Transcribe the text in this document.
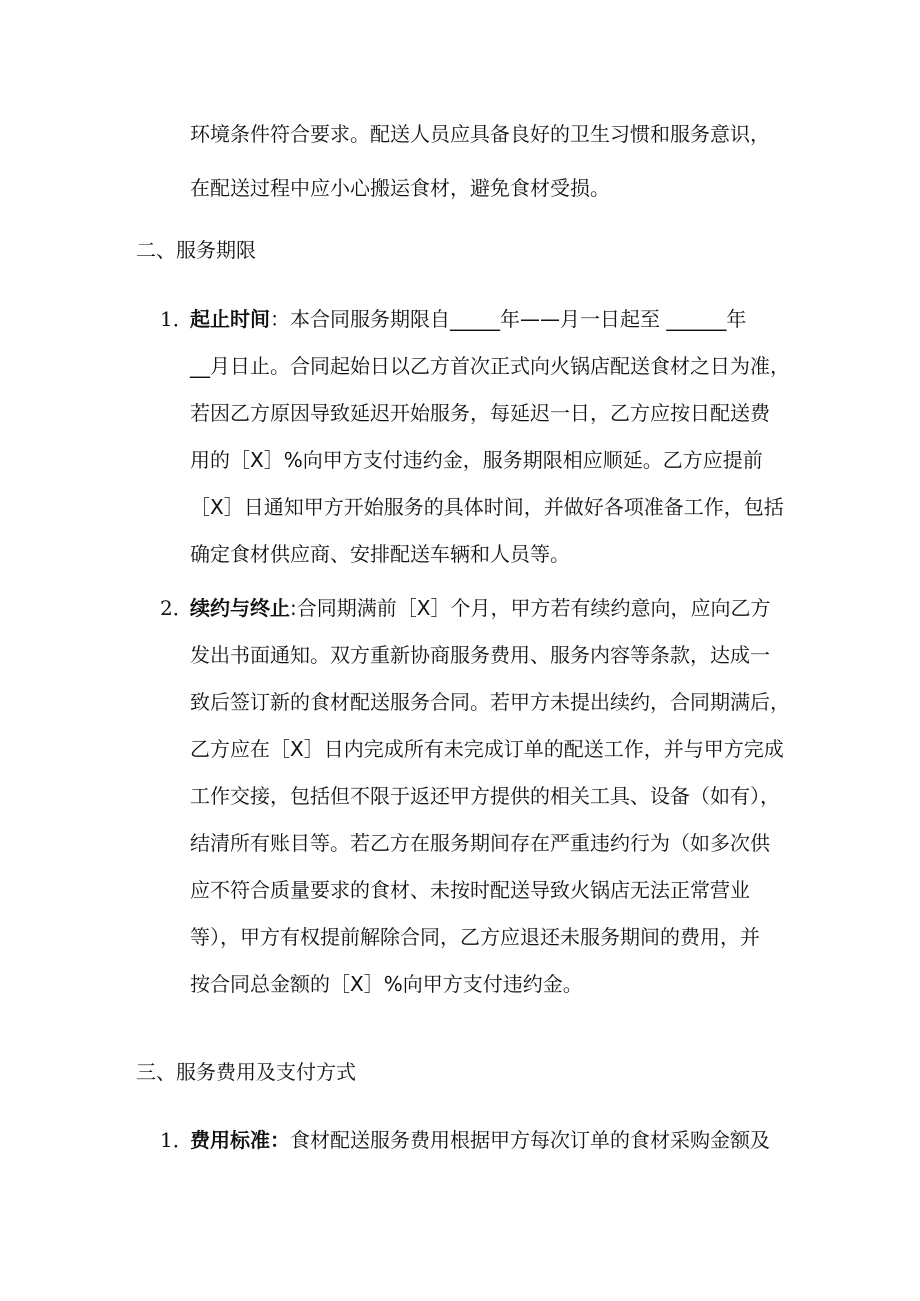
环境条件符合要求。配送人员应具备良好的卫生习惯和服务意识，
在配送过程中应小心搬运食材，避免食材受损。
二、服务期限
1．
起止时间：本合同服务期限自_____年——月一日起至 ______年
__月日止。合同起始日以乙方首次正式向火锅店配送食材之日为准，
若因乙方原因导致延迟开始服务，每延迟一日，乙方应按日配送费
用的［X］%向甲方支付违约金，服务期限相应顺延。乙方应提前
［X］日通知甲方开始服务的具体时间，并做好各项准备工作，包括
确定食材供应商、安排配送车辆和人员等。
2．
续约与终止:合同期满前［X］个月，甲方若有续约意向，应向乙方
发出书面通知。双方重新协商服务费用、服务内容等条款，达成一
致后签订新的食材配送服务合同。若甲方未提出续约，合同期满后，
乙方应在［X］日内完成所有未完成订单的配送工作，并与甲方完成
工作交接，包括但不限于返还甲方提供的相关工具、设备（如有），
结清所有账目等。若乙方在服务期间存在严重违约行为（如多次供
应不符合质量要求的食材、未按时配送导致火锅店无法正常营业
等），甲方有权提前解除合同，乙方应退还未服务期间的费用，并
按合同总金额的［X］%向甲方支付违约金。
三、服务费用及支付方式
1．
费用标准：食材配送服务费用根据甲方每次订单的食材采购金额及
